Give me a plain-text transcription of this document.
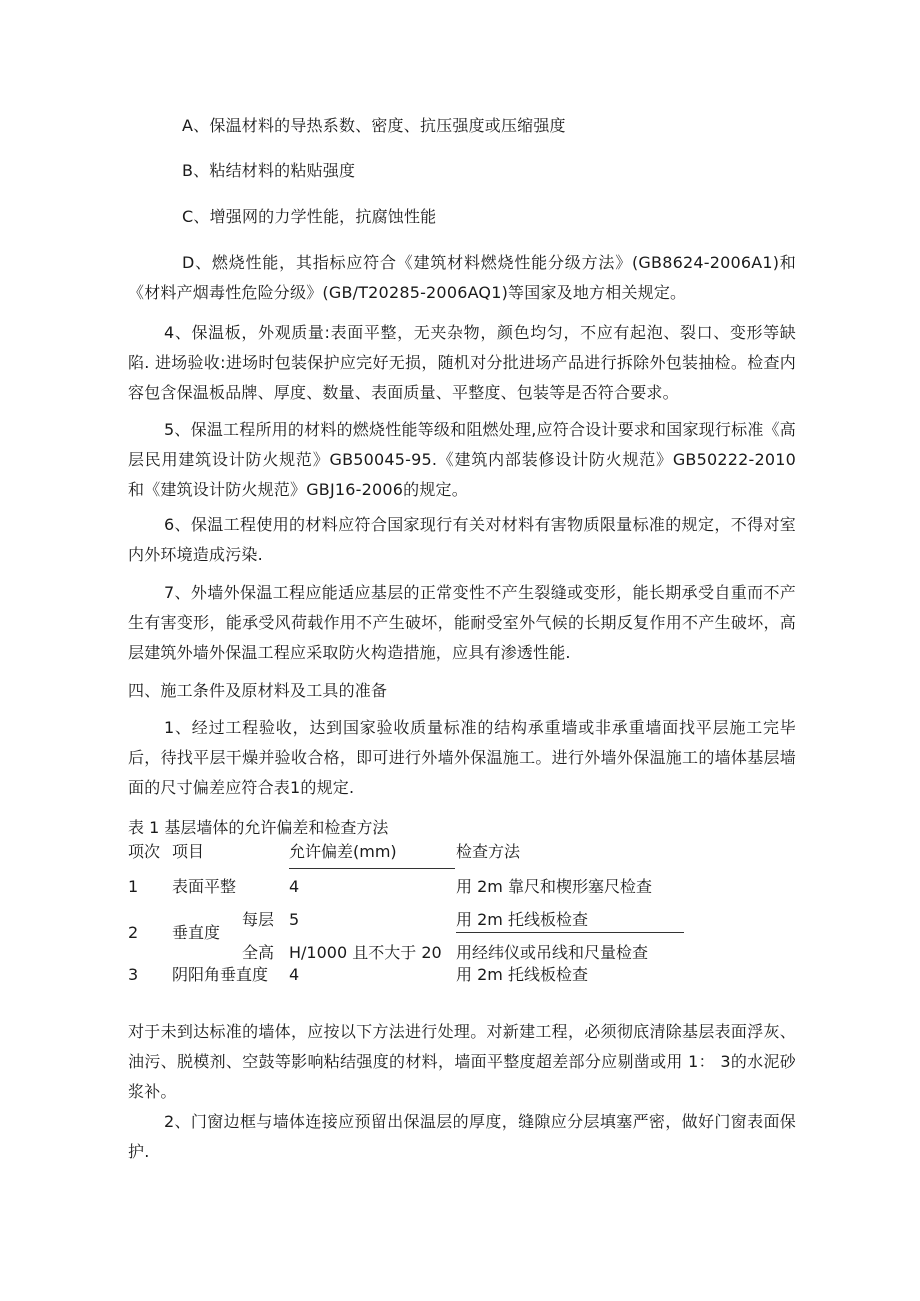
A、保温材料的导热系数、密度、抗压强度或压缩强度

B、粘结材料的粘贴强度

C、增强网的力学性能，抗腐蚀性能

D、燃烧性能，其指标应符合《建筑材料燃烧性能分级方法》(GB8624-2006A1)和《材料产烟毒性危险分级》(GB/T20285-2006AQ1)等国家及地方相关规定。

4、保温板，外观质量:表面平整，无夹杂物，颜色均匀，不应有起泡、裂口、变形等缺陷. 进场验收:进场时包装保护应完好无损，随机对分批进场产品进行拆除外包装抽检。检查内容包含保温板品牌、厚度、数量、表面质量、平整度、包装等是否符合要求。

5、保温工程所用的材料的燃烧性能等级和阻燃处理,应符合设计要求和国家现行标准《高层民用建筑设计防火规范》GB50045-95.《建筑内部装修设计防火规范》GB50222-2010和《建筑设计防火规范》GBJ16-2006的规定。

6、保温工程使用的材料应符合国家现行有关对材料有害物质限量标准的规定，不得对室内外环境造成污染.

7、外墙外保温工程应能适应基层的正常变性不产生裂缝或变形，能长期承受自重而不产生有害变形，能承受风荷载作用不产生破坏，能耐受室外气候的长期反复作用不产生破坏，高层建筑外墙外保温工程应采取防火构造措施，应具有渗透性能.

四、施工条件及原材料及工具的准备

1、经过工程验收，达到国家验收质量标准的结构承重墙或非承重墙面找平层施工完毕后，待找平层干燥并验收合格，即可进行外墙外保温施工。进行外墙外保温施工的墙体基层墙面的尺寸偏差应符合表1的规定.

表 1 基层墙体的允许偏差和检查方法
项次 项目	允许偏差(mm)	检查方法
1 表面平整	4	用 2m 靠尺和楔形塞尺检查
2 垂直度
每层 5	用 2m 托线板检查
全高 H/1000 且不大于 20 用经纬仪或吊线和尺量检查
3 阴阳角垂直度 4	用 2m 托线板检查

对于未到达标准的墙体，应按以下方法进行处理。对新建工程，必须彻底清除基层表面浮灰、油污、脱模剂、空鼓等影响粘结强度的材料，墙面平整度超差部分应剔凿或用 1： 3的水泥砂浆补。

2、门窗边框与墙体连接应预留出保温层的厚度，缝隙应分层填塞严密，做好门窗表面保护.
